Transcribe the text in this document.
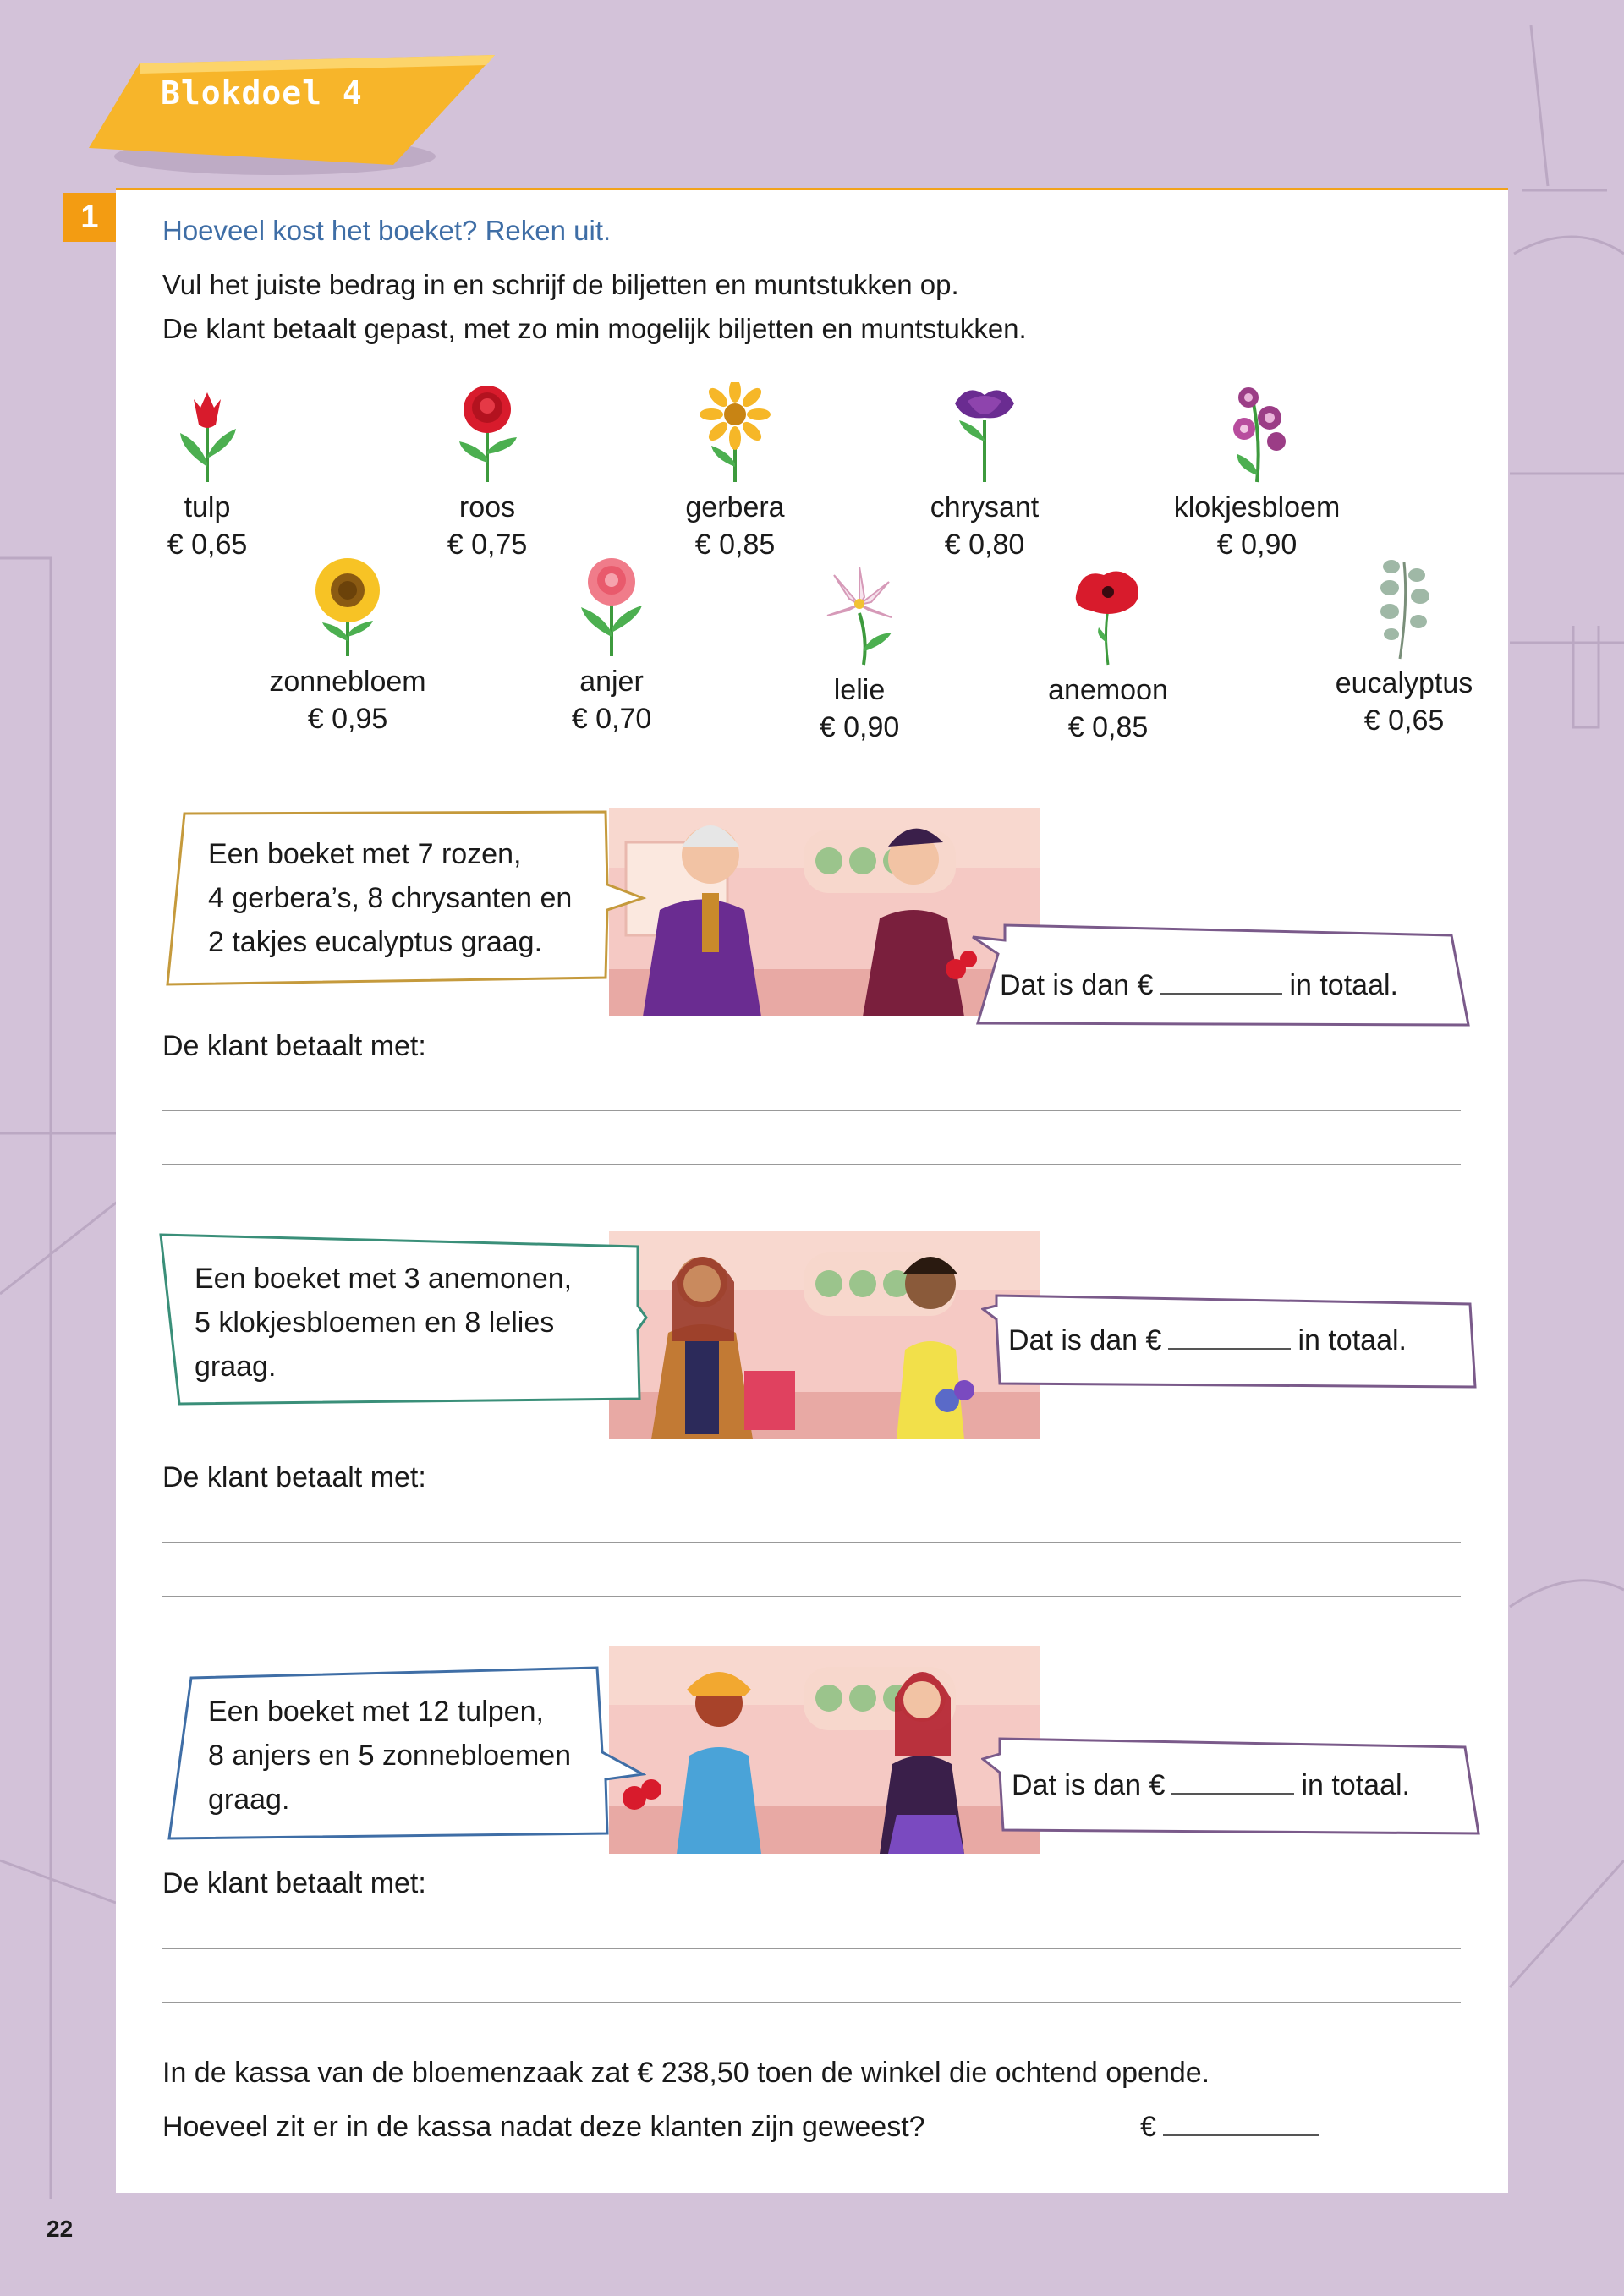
Blokdoel 4
1	Hoeveel kost het boeket? Reken uit.
Vul het juiste bedrag in en schrijf de biljetten en muntstukken op.
De klant betaalt gepast, met zo min mogelijk biljetten en muntstukken.
tulp
€ 0,65
roos
€ 0,75
gerbera
€ 0,85
chrysant
€ 0,80
klokjesbloem
€ 0,90
zonnebloem
€ 0,95
anjer
€ 0,70
lelie
€ 0,90
anemoon
€ 0,85
eucalyptus
€ 0,65
Een boeket met 7 rozen,
4 gerbera’s, 8 chrysanten en
2 takjes eucalyptus graag.
Dat is dan €	in totaal.
De klant betaalt met:
Een boeket met 3 anemonen,
5 klokjesbloemen en 8 lelies
graag.
Dat is dan €	in totaal.
De klant betaalt met:
Een boeket met 12 tulpen,
8 anjers en 5 zonnebloemen
graag.	Dat is dan €	in totaal.
De klant betaalt met:
In de kassa van de bloemenzaak zat € 238,50 toen de winkel die ochtend opende.
Hoeveel zit er in de kassa nadat deze klanten zijn geweest?	€
22
